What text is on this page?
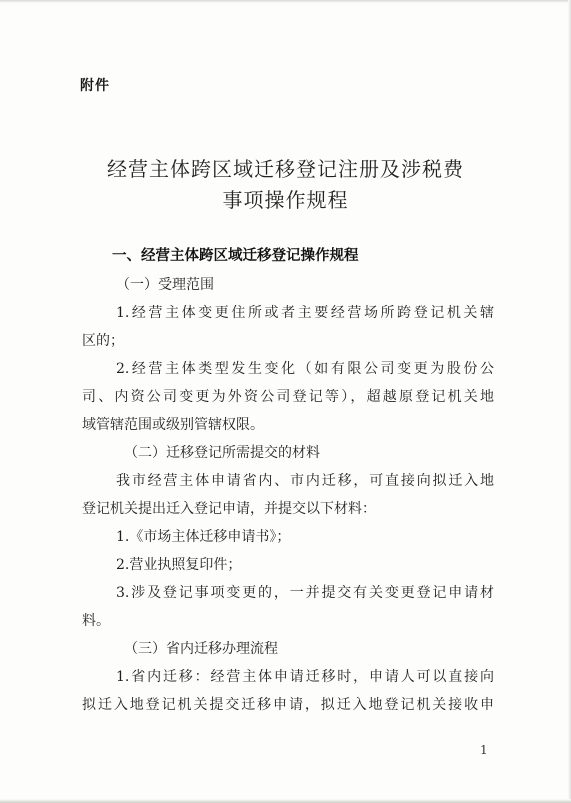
附件
经营主体跨区域迁移登记注册及涉税费
事项操作规程
一、经营主体跨区域迁移登记操作规程
（一）受理范围
1.经营主体变更住所或者主要经营场所跨登记机关辖
区的；
2.经营主体类型发生变化（如有限公司变更为股份公
司、内资公司变更为外资公司登记等），超越原登记机关地
域管辖范围或级别管辖权限。
（二）迁移登记所需提交的材料
我市经营主体申请省内、市内迁移，可直接向拟迁入地
登记机关提出迁入登记申请，并提交以下材料：
1.《市场主体迁移申请书》；
2.营业执照复印件；
3.涉及登记事项变更的，一并提交有关变更登记申请材
料。
（三）省内迁移办理流程
1.省内迁移：经营主体申请迁移时，申请人可以直接向
拟迁入地登记机关提交迁移申请，拟迁入地登记机关接收申
1
